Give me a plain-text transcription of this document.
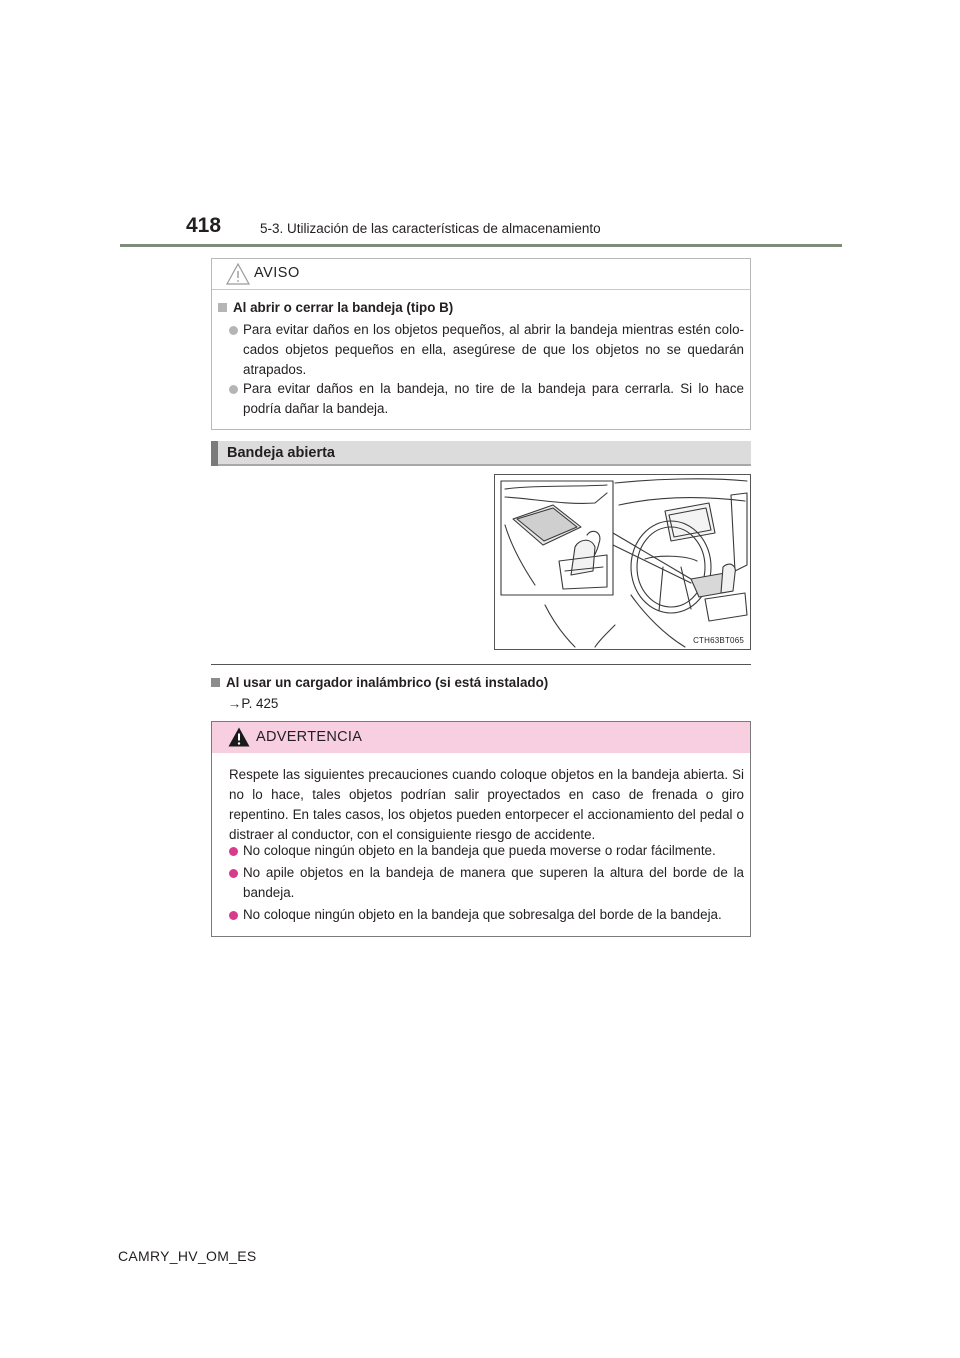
418	5-3. Utilización de las características de almacenamiento
AVISO
Al abrir o cerrar la bandeja (tipo B)
Para evitar daños en los objetos pequeños, al abrir la bandeja mientras estén colo-cados objetos pequeños en ella, asegúrese de que los objetos no se quedarán atrapados.
Para evitar daños en la bandeja, no tire de la bandeja para cerrarla. Si lo hace podría dañar la bandeja.
Bandeja abierta
CTH63BT065
Al usar un cargador inalámbrico (si está instalado)
→P. 425
ADVERTENCIA
Respete las siguientes precauciones cuando coloque objetos en la bandeja abierta. Si no lo hace, tales objetos podrían salir proyectados en caso de frenada o giro repentino. En tales casos, los objetos pueden entorpecer el accionamiento del pedal o distraer al conductor, con el consiguiente riesgo de accidente.
No coloque ningún objeto en la bandeja que pueda moverse o rodar fácilmente.
No apile objetos en la bandeja de manera que superen la altura del borde de la bandeja.
No coloque ningún objeto en la bandeja que sobresalga del borde de la bandeja.
CAMRY_HV_OM_ES
